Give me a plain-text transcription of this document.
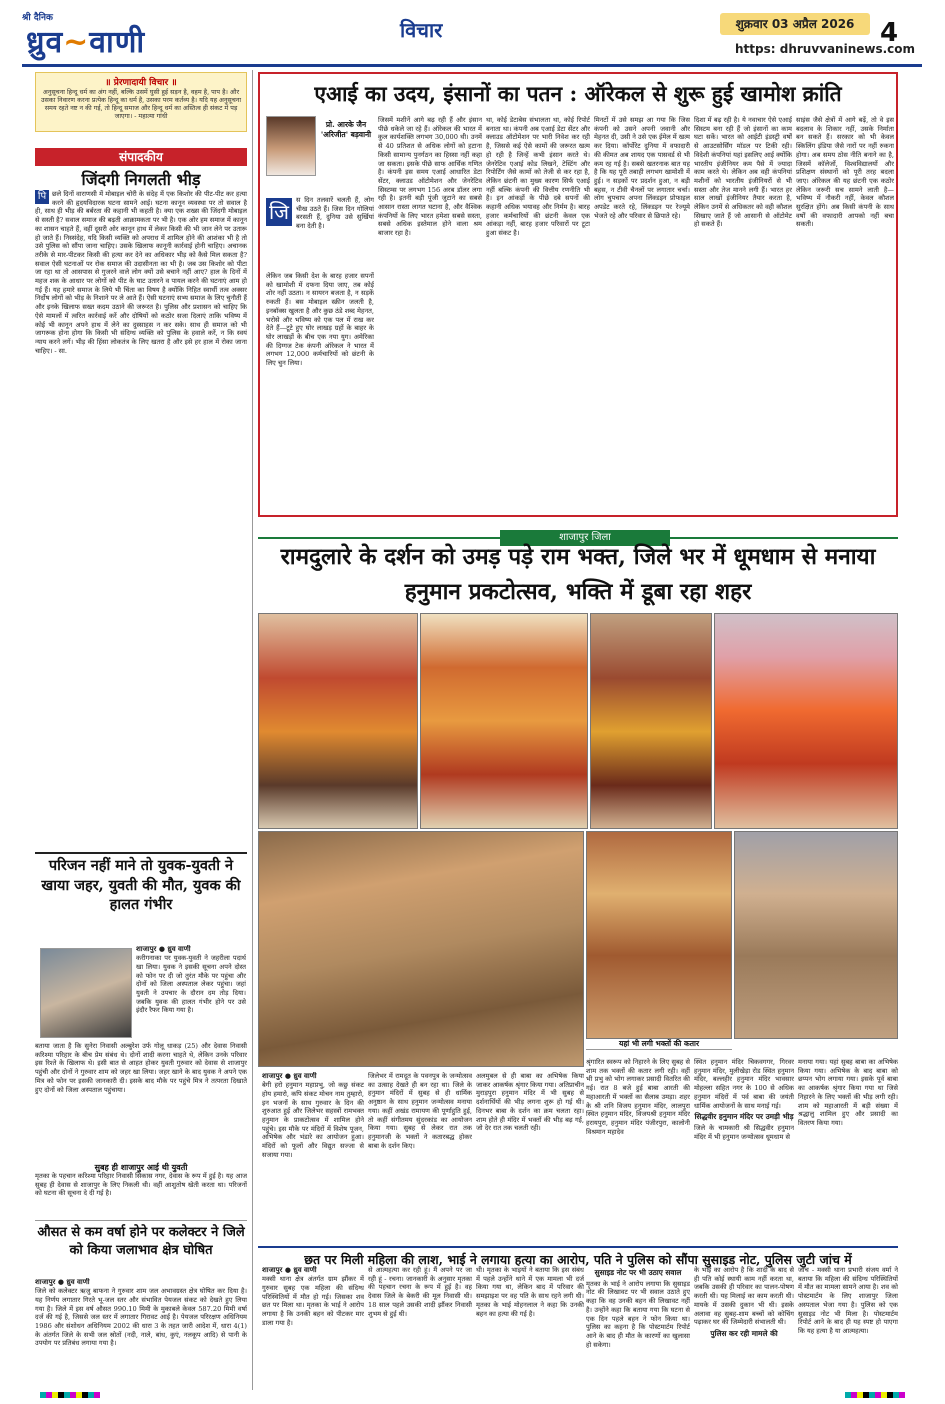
श्री दैनिक
ध्रुव~वाणी	विचार	शुक्रवार 03 अप्रैल 2026
https: dhruvvaninews.com
4
॥ प्रेरणादायी विचार ॥
अनुसूचना हिन्दू धर्म का अंग नहीं, बल्कि उसमें घुसी हुई सड़न है, वहम है, पाप है। और उसका निवारण करना प्रत्येक हिन्दू का धर्म है, उसका परम कर्तव्य है। यदि यह अनुसूचना समय रहते नष्ट न की गई, तो हिन्दू समाज और हिन्दू धर्म का अस्तित्व ही संकट में पड़ जाएगा। - महात्मा गांधी
संपादकीय
जिंदगी निगलती भीड़
पि छले दिनों वाराणसी में मोबाइल चोरी के संदेह में एक किशोर की पीट-पीट कर हत्या करने की हृदयविदारक घटना सामने आई। घटना कानून व्यवस्था पर तो सवाल है ही, साथ ही भीड़ की बर्बरता की कहानी भी कहती है। क्या एक शख्स की जिंदगी मोबाइल से सस्ती है? सवाल समाज की बढ़ती आक्रामकता पर भी है। एक ओर हम समाज में कानून का शासन चाहते हैं, वहीं दूसरी ओर कानून हाथ में लेकर किसी की भी जान लेने पर उतारू हो जाते हैं। निस्संदेह, यदि किसी व्यक्ति को अपराध में शामिल होने की आशंका भी है तो उसे पुलिस को सौंपा जाना चाहिए। उसके खिलाफ कानूनी कार्रवाई होनी चाहिए। अचानक तरीके से मार-पीटकर किसी की हत्या कर देने का अधिकार भीड़ को कैसे मिल सकता है? सवाल ऐसी घटनाओं पर रोक समाज की उदासीनता का भी है। जब उस किशोर को पीटा जा रहा था तो आसपास से गुजरने वाले लोग क्यों उसे बचाने नहीं आए? हाल के दिनों में महज शक के आधार पर लोगों को पीट के घाट उतारने व पायल करने की घटनाएं आम हो गई हैं। यह हमारे समाज के लिये भी चिंता का विषय है क्योंकि निहित स्वार्थी तत्व अक्सर निर्दोष लोगों को भीड़ के निशाने पर ले आते हैं। ऐसी घटनाएं सभ्य समाज के लिए चुनौती हैं और इनके खिलाफ सख्त कदम उठाने की जरूरत है। पुलिस और प्रशासन को चाहिए कि ऐसे मामलों में त्वरित कार्रवाई करें और दोषियों को कठोर सजा दिलाएं ताकि भविष्य में कोई भी कानून अपने हाथ में लेने का दुस्साहस न कर सके। साथ ही समाज को भी जागरूक होना होगा कि किसी भी संदिग्ध व्यक्ति को पुलिस के हवाले करें, न कि स्वयं न्याय करने लगें। भीड़ की हिंसा लोकतंत्र के लिए खतरा है और इसे हर हाल में रोका जाना चाहिए। - सा.
परिजन नहीं माने तो युवक-युवती ने खाया जहर, युवती की मौत, युवक की हालत गंभीर
शाजापुर ● ध्रुव वाणी
करीगनाका पर युवक-युवती ने जहरीला पदार्थ खा लिया। युवक ने इसकी सूचना अपने दोस्त को फोन पर दी जो तुरंत मौके पर पहुंचा और दोनों को जिला अस्पताल लेकर पहुंचा। जहां युवती ने उपचार के दौरान दम तोड़ दिया। जबकि युवक की हालत गंभीर होने पर उसे इंदौर रैफर किया गया है।
बताया जाता है कि सुनेरा निवासी अल्बुरेश उर्फ गोलू धाकड़ (25) और देवास निवासी करिश्मा परिहार के बीच प्रेम संबंध थे। दोनों शादी करना चाहते थे, लेकिन उनके परिवार इस रिश्ते के खिलाफ थे। इसी बात से आहत होकर युवती गुरुवार को देवास से शाजापुर पहुंची और दोनों ने गुरुवार शाम को जहर खा लिया। जहर खाने के बाद युवक ने अपने एक मित्र को फोन पर इसकी जानकारी दी। इसके बाद मौके पर पहुंचे मित्र ने तत्परता दिखाते हुए दोनों को जिला अस्पताल पहुंचाया।
सुबह ही शाजापुर आई थी युवती
मृतका के पहचान करिश्मा परिहार निवासी सिकास नगर, देवास के रूप में हुई है। यह आज सुबह ही देवास से शाजापुर के लिए निकली थी। वहीं आशुतोष खेती करता था। परिजनों को घटना की सूचना दे दी गई है।
औसत से कम वर्षा होने पर कलेक्टर ने जिले को किया जलाभाव क्षेत्र घोषित
शाजापुर ● ध्रुव वाणी
जिले को कलेक्टर ऋजु बाफना ने गुरुवार शाम जल अभावग्रस्त क्षेत्र घोषित कर दिया है। यह निर्णय लगातार गिरते भू-जल स्तर और संभावित पेयजल संकट को देखते हुए लिया गया है। जिले में इस वर्ष औसत 990.10 मिमी के मुकाबले केवल 587.20 मिमी वर्षा दर्ज की गई है, जिससे जल स्तर में लगातार गिरावट आई है। पेयजल परिरक्षण अधिनियम 1986 और संशोधन अधिनियम 2002 की धारा 3 के तहत जारी आदेश में, धारा 4(1) के अंतर्गत जिले के सभी जल स्रोतों (नदी, नाले, बांध, कुएं, नलकूप आदि) से पानी के उपयोग पर प्रतिबंध लगाया गया है।
एआई का उदय, इंसानों का पतन : ऑरेकल से शुरू हुई खामोश क्रांति
प्रो. आरके जैन 'अरिजीत' बड़वानी
जि	स दिन तलवारें चलती हैं, लोग चीख उठते हैं। जिस दिन गोलियां बरसती हैं, दुनिया उसे सुर्खियां बना देती है।
लेकिन जब किसी देश के बारह हजार सपनों को खामोशी में दफना दिया जाए, तब कोई शोर नहीं उठता। न सायरन बजता है, न सड़कें रुकती हैं। बस मोबाइल स्क्रीन जलती है, इनबॉक्स खुलता है और कुछ ठंडे शब्द मेहनत, भरोसे और भविष्य को एक पल में राख कर देते हैं—टूटे हुए घोर लाखड़ ग्रहों के बाहर के घोर लाखड़ों के बीच एक नया युग। अमेरिका की दिग्गज टेक कंपनी ऑरेकल ने भारत में लगभग 12,000 कर्मचारियों को छंटनी के लिए चुन लिया।
जिसमें मशीनें आगे बढ़ रही हैं और इंसान पीछे धकेले जा रहे हैं। ऑरेकल की भारत में कुल कार्यशक्ति लगभग 30,000 थी। उनमें से 40 प्रतिशत से अधिक लोगों को हटाना किसी सामान्य पुनर्गठन का हिस्सा नहीं कहा जा सकता। इसके पीछे साफ आर्थिक गणित है। कंपनी इस समय एआई आधारित डेटा सेंटर, क्लाउड ऑटोमेशन और जेनरेटिव सिस्टम्स पर लगभग 156 अरब डॉलर लगा रही है। इतनी बड़ी पूंजी जुटाने का सबसे आसान रास्ता लागत घटाना है, और वैश्विक कंपनियों के लिए भारत हमेशा सबसे सस्ता, सबसे अधिक इस्तेमाल होने वाला श्रम बाजार रहा है।
था, कोई डेटाबेस संभालता था, कोई रिपोर्ट बनाता था। कंपनी अब एआई डेटा सेंटर और क्लाउड ऑटोमेशन पर भारी निवेश कर रही है, जिससे कई ऐसे कामों की जरूरत खत्म हो रही है जिन्हें कभी इंसान करते थे। जेनरेटिव एआई कोड लिखने, टेस्टिंग और रिपोर्टिंग जैसे कामों को तेजी से कर रहा है, लेकिन छंटनी का मुख्य कारण सिर्फ एआई नहीं बल्कि कंपनी की वित्तीय रणनीति भी है। इन आंकड़ों के पीछे दबे सपनों की कहानी अधिक भयावह और निर्मम है। बारह हजार कर्मचारियों की छंटनी केवल एक आंकड़ा नहीं, बारह हजार परिवारों पर टूटा हुआ संकट है।
मिनटों में उसे समझ आ गया कि जिस कंपनी को उसने अपनी जवानी और मेहनत दी, उसी ने उसे एक ईमेल में खत्म कर दिया। कॉर्पोरेट दुनिया में वफादारी की कीमत अब शायद एक पासवर्ड से भी कम रह गई है। सबसे खतरनाक बात यह है कि यह पूरी तबाही लगभग खामोशी में हुई। न सड़कों पर प्रदर्शन हुआ, न बड़ी बहस, न टीवी चैनलों पर लगातार चर्चा। लोग चुपचाप अपना लिंक्डइन प्रोफाइल अपडेट करते रहे, लिंक्डइन पर रेज्यूमे भेजते रहे और परिवार से छिपाते रहे।
दिशा में बढ़ रही है। ये नवाचार ऐसे एआई सिस्टम बना रही हैं जो इंसानों का काम घटा सकें। भारत को आईटी इंडस्ट्री वर्षों से आउटसोर्सिंग मॉडल पर टिकी रही। विदेशी कंपनियां यहां इसलिए आई क्योंकि भारतीय इंजीनियर कम पैसे में ज्यादा काम करते थे। लेकिन अब वही कंपनियां मशीनों को भारतीय इंजीनियरों से भी सस्ता और तेज मानने लगी हैं। भारत हर साल लाखों इंजीनियर तैयार करता है, लेकिन उनमें से अधिकतर को वही कौशल सिखाए जाते हैं जो आसानी से ऑटोमेट हो सकते हैं।
साइंस जैसे क्षेत्रों में आगे बढ़ें, तो वे इस बदलाव के शिकार नहीं, उसके निर्माता बन सकते हैं। सरकार को भी केवल स्किलिंग इंडिया जैसे नारों पर नहीं रुकना होगा। अब समय ठोस नीति बनाने का है, जिसमें कॉलेजों, विश्वविद्यालयों और प्रशिक्षण संस्थानों को पूरी तरह बदला जाए। ऑरेकल की यह छंटनी एक कठोर लेकिन जरूरी सच सामने लाती है—भविष्य में नौकरी नहीं, केवल कौशल सुरक्षित होंगे। अब किसी कंपनी के साथ वर्षों की वफादारी आपको नहीं बचा सकती।
शाजापुर जिला
रामदुलारे के दर्शन को उमड़ पड़े राम भक्त, जिले भर में धूमधाम से मनाया हनुमान प्रकटोत्सव, भक्ति में डूबा रहा शहर
यहां भी लगी भक्तों की कतार
शाजापुर ● ध्रुव वाणी
बेगी हरो हनुमान महाप्रभु, जो कछु संकट होय हमारो, कपि संकट मोचन नाम तुम्हारो, इन भजनों के साथ गुरुवार के दिन की शुरुआत हुई और जिलेभर सहस्त्रों रामभक्त हनुमान के प्राकटोत्सव में शामिल होने पहुंचे। इस मौके पर मंदिरों में विशेष पूजन, अभिषेक और भंडारे का आयोजन हुआ। मंदिरों को फूलों और विद्युत सज्जा से सजाया गया।
जिलेभर में रामदूत के पवनपुत्र के जन्मोत्सव का उत्साह देखते ही बन रहा था। जिले के हनुमान मंदिरों में सुबह से ही धार्मिक अनुष्ठान के साथ हनुमान जन्मोत्सव मनाया गया। कहीं अखंड रामायण की पूर्णाहुति हुई, तो कहीं संगीतमय सुंदरकांड का आयोजन किया गया। सुबह से लेकर रात तक हनुमानजी के भक्तों ने कतारबद्ध होकर बाबा के दर्शन किए।
अलमुबल से ही बाबा का अभिषेक किया जाकर आकर्षक श्रृंगार किया गया। अतिप्राचीन मुराड़पुरा हनुमान मंदिर में भी सुबह से दर्शनार्थियों की भीड़ लगना शुरू हो गई थी। दिनभर बाबा के दर्शन का क्रम चलता रहा। शाम होते ही मंदिर में भक्तों की भीड़ बढ़ गई, जो देर रात तक चलती रही।
श्रृंगारित स्वरूप को निहारने के लिए सुबह से शाम तक भक्तों की कतार लगी रही। वहीं भी प्रभु को भोग लगाकर प्रसादी वितरित की गई। रात 8 बजे हुई बाबा आरती की महाआरती में भक्तों का सैलाब उमड़ा। शहर के श्री शनि विजय हनुमान मंदिर, लालपुरा स्थित हनुमान मंदिर, विजयश्री हनुमान मंदिर हरायपुरा, हनुमान मंदिर पंजीरपुरा, कालोनी विश्रमान महादेव
स्थित हनुमान मंदिर चिकवगगर, गिरवर हनुमान मंदिर, मुलीखेड़ा रोड स्थित हनुमान मंदिर, बल्लहीर हनुमान मंदिर भावसार मोहल्ला सहित नगर के 100 से अधिक हनुमान मंदिरों में पर्व बाबा की जयंती धार्मिक आयोजनों के साथ मनाई गई।
सिद्धवीर हनुमान मंदिर पर उमड़ी भीड़
जिले के चामकारी श्री सिद्धवीर हनुमान मंदिर में भी हनुमान जन्मोत्सव धूमधाम से
मनाया गया। यहां सुबह बाबा का अभिषेक किया गया। अभिषेक के बाद बाबा को छप्पन भोग लगाया गया। इसके पूर्व बाबा का आकर्षक श्रृंगार किया गया था जिसे निहारने के लिए भक्तों की भीड़ लगी रही। शाम को महाआरती में बड़ी संख्या में श्रद्धालु शामिल हुए और प्रसादी का वितरण किया गया।
छत पर मिली महिला की लाश, भाई ने लगाया हत्या का आरोप, पति ने पुलिस को सौंपा सुसाइड नोट, पुलिस जुटी जांच में
शाजापुर ● ध्रुव वाणी
मक्सी थाना क्षेत्र अंतर्गत ग्राम झौंकर में गुरुवार सुबह एक महिला की संदिग्ध परिस्थितियों में मौत हो गई। जिसका शव छत पर मिला था। मृतका के भाई ने आरोप लगाया है कि उनकी बहन को पीटकर मार डाला गया है।
से आत्महत्या कर रही हूं। मैं अपने पर जा रही हूं - रचना। जानकारी के अनुसार मृतका की पहचान रचना के रूप में हुई है। वह देवास जिले के बेकरी की मूल निवासी थी। 18 साल पहले उसकी शादी झौंकर निवासी शुभम से हुई थी।
थी। मृतका के भाइयों ने बताया कि इस संबंध में पहले उन्होंने थाने में एक मामला भी दर्ज किया गया था, लेकिन बाद में परिवार की समझाइश पर वह पति के साथ रहने लगी थी। मृतका के भाई मोहनलाल ने कहा कि उनकी बहन का हत्या की गई है।
सुसाइड नोट पर भी उठाए सवाल
मृतका के भाई ने आरोप लगाया कि सुसाइड नोट की लिखावट पर भी सवाल उठाते हुए कहा कि वह उनकी बहन की लिखावट नहीं है। उन्होंने कहा कि बताया गया कि घटना से एक दिन पहले बहन ने फोन किया था। पुलिस का कहना है कि पोस्टमार्टम रिपोर्ट आने के बाद ही मौत के कारणों का खुलासा हो सकेगा।
के भाई का आरोप है कि शादी के बाद से ही पति कोई स्थायी काम नहीं करता था, जबकि उसकी ही परिवार का पालन-पोषण करती थी। यह मिलाई का काम करती थी। मायके में उसकी दुकान भी थी। इसके अलावा वह सुबह-शाम बच्चों को कोचिंग पढ़ाकर घर की जिम्मेदारी संभालती थी।
पुलिस कर रही मामले की
जांच - मक्सी थाना प्रभारी संजय वर्मा ने बताया कि महिला की संदिग्ध परिस्थितियों में मौत का मामला सामने आया है। शव को पोस्टमार्टम के लिए शाजापुर जिला अस्पताल भेजा गया है। पुलिस को एक सुसाइड नोट भी मिला है। पोस्टमार्टम रिपोर्ट आने के बाद ही यह स्पष्ट हो पाएगा कि यह हत्या है या आत्महत्या।
